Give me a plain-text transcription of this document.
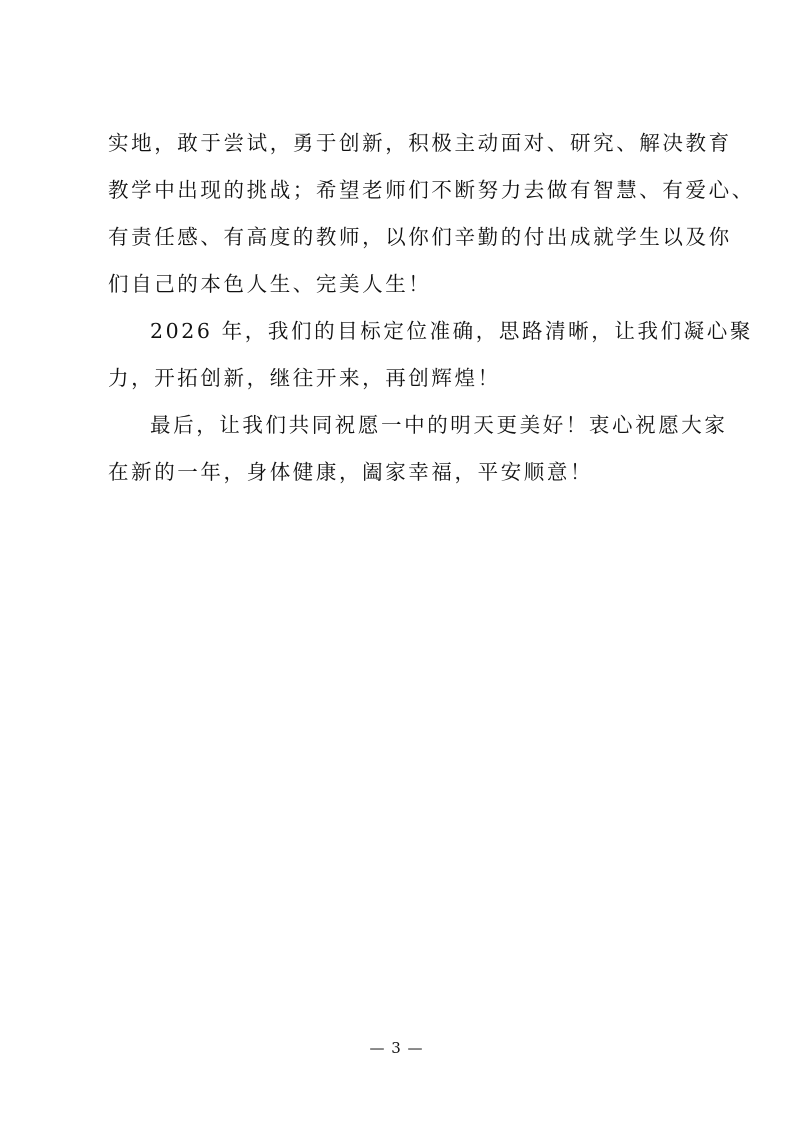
实地，敢于尝试，勇于创新，积极主动面对、研究、解决教育
教学中出现的挑战；希望老师们不断努力去做有智慧、有爱心、
有责任感、有高度的教师，以你们辛勤的付出成就学生以及你
们自己的本色人生、完美人生！
2026 年，我们的目标定位准确，思路清晰，让我们凝心聚
力，开拓创新，继往开来，再创辉煌！
最后，让我们共同祝愿一中的明天更美好！衷心祝愿大家
在新的一年，身体健康，阖家幸福，平安顺意！
— 3 —
